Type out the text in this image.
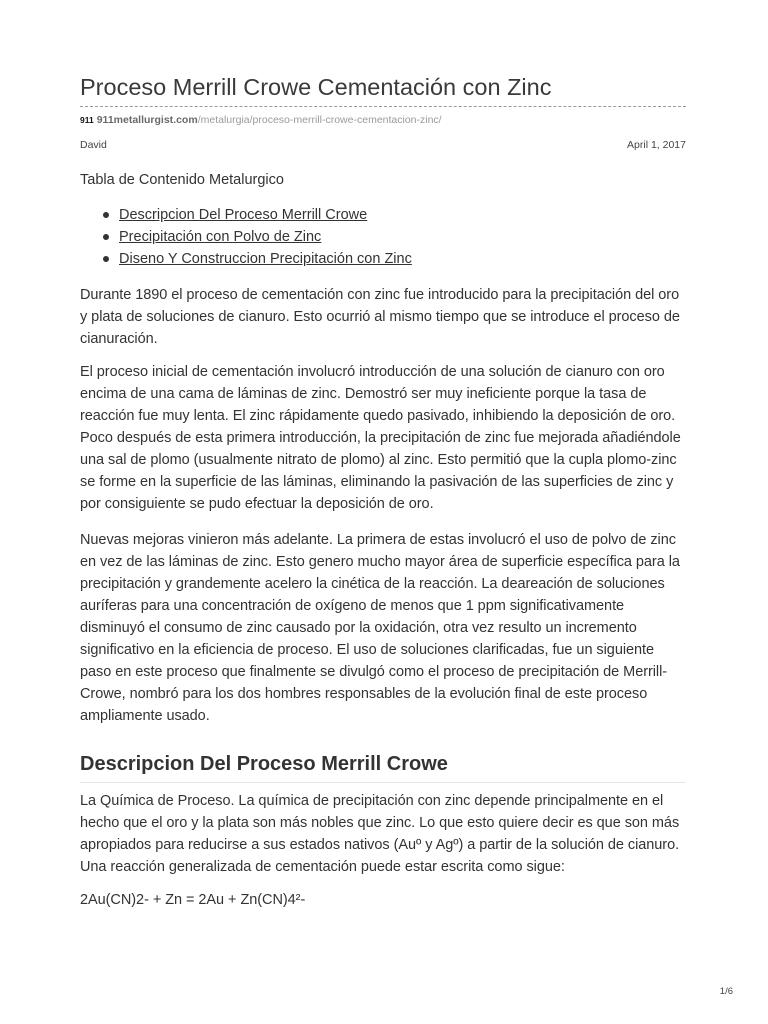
Proceso Merrill Crowe Cementación con Zinc
911 911metallurgist.com/metalurgia/proceso-merrill-crowe-cementacion-zinc/
David	April 1, 2017
Tabla de Contenido Metalurgico
Descripcion Del Proceso Merrill Crowe
Precipitación con Polvo de Zinc
Diseno Y Construccion Precipitación con Zinc
Durante 1890 el proceso de cementación con zinc fue introducido para la precipitación del oro
y plata de soluciones de cianuro. Esto ocurrió al mismo tiempo que se introduce el proceso de
cianuración.
El proceso inicial de cementación involucró introducción de una solución de cianuro con oro
encima de una cama de láminas de zinc. Demostró ser muy ineficiente porque la tasa de
reacción fue muy lenta. El zinc rápidamente quedo pasivado, inhibiendo la deposición de oro.
Poco después de esta primera introducción, la precipitación de zinc fue mejorada añadiéndole
una sal de plomo (usualmente nitrato de plomo) al zinc. Esto permitió que la cupla plomo-zinc
se forme en la superficie de las láminas, eliminando la pasivación de las superficies de zinc y
por consiguiente se pudo efectuar la deposición de oro.
Nuevas mejoras vinieron más adelante. La primera de estas involucró el uso de polvo de zinc
en vez de las láminas de zinc. Esto genero mucho mayor área de superficie específica para la
precipitación y grandemente acelero la cinética de la reacción. La deareación de soluciones
auríferas para una concentración de oxígeno de menos que 1 ppm significativamente
disminuyó el consumo de zinc causado por la oxidación, otra vez resulto un incremento
significativo en la eficiencia de proceso. El uso de soluciones clarificadas, fue un siguiente
paso en este proceso que finalmente se divulgó como el proceso de precipitación de Merrill-
Crowe, nombró para los dos hombres responsables de la evolución final de este proceso
ampliamente usado.
Descripcion Del Proceso Merrill Crowe
La Química de Proceso. La química de precipitación con zinc depende principalmente en el
hecho que el oro y la plata son más nobles que zinc. Lo que esto quiere decir es que son más
apropiados para reducirse a sus estados nativos (Auº y Agº) a partir de la solución de cianuro.
Una reacción generalizada de cementación puede estar escrita como sigue:
2Au(CN)2- + Zn = 2Au + Zn(CN)4²-
1/6
